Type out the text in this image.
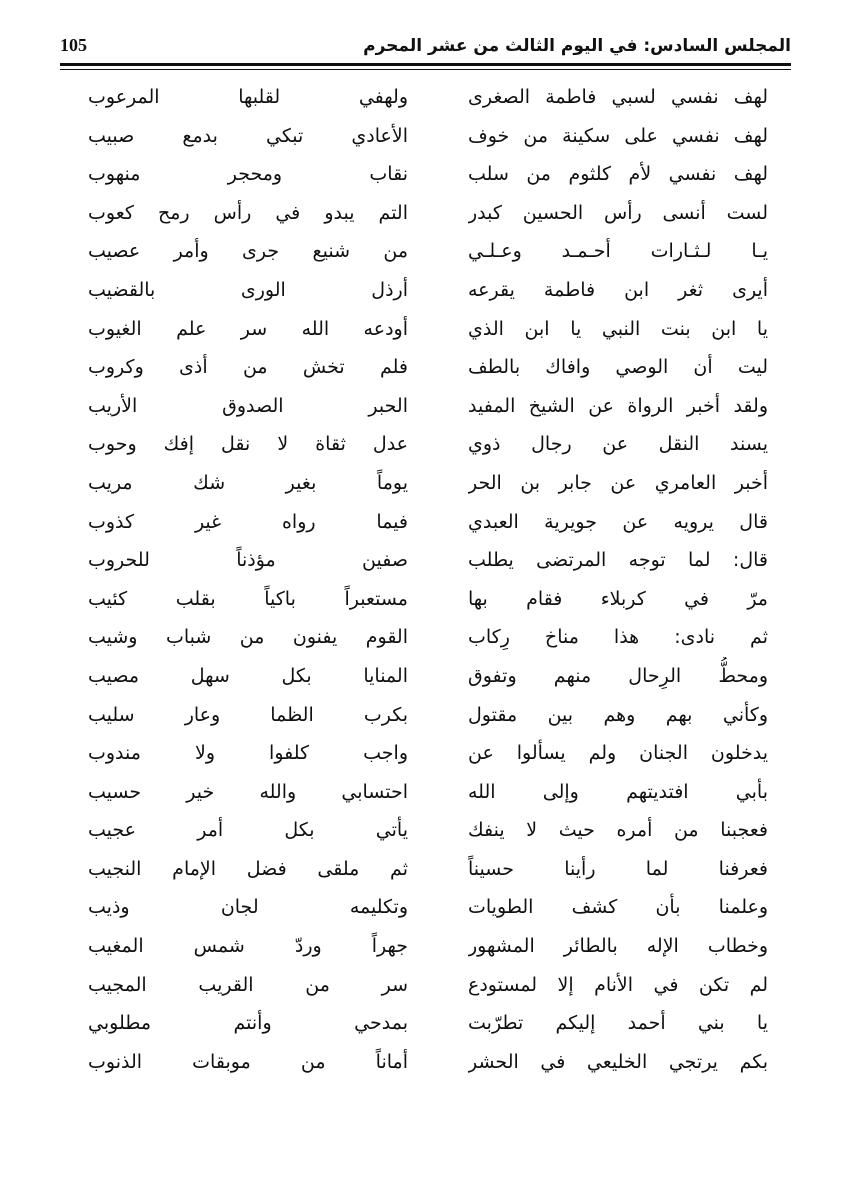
المجلس السادس: في اليوم الثالث من عشر المحرم
105
لهف نفسي لسبي فاطمة الصغرى
لهف نفسي على سكينة من خوف
لهف نفسي لأم كلثوم من سلب
لست أنسى رأس الحسين كبدر
يـا لـثـارات أحـمـد وعـلـي
أيرى ثغر ابن فاطمة يقرعه
يا ابن بنت النبي يا ابن الذي
ليت أن الوصي وافاك بالطف
ولقد أخبر الرواة عن الشيخ المفيد
يسند النقل عن رجال ذوي
أخبر العامري عن جابر بن الحر
قال يرويه عن جويرية العبدي
قال: لما توجه المرتضى يطلب
مرّ في كربلاء فقام بها
ثم نادى: هذا مناخ رِكاب
ومحطُّ الرِحال منهم وتفوق
وكأني بهم وهم بين مقتول
يدخلون الجنان ولم يسألوا عن
بأبي افتديتهم وإلى الله
فعجبنا من أمره حيث لا ينفك
فعرفنا لما رأينا حسيناً
وعلمنا بأن كشف الطويات
وخطاب الإله بالطائر المشهور
لم تكن في الأنام إلا لمستودع
يا بني أحمد إليكم تطرّبت
بكم يرتجي الخليعي في الحشر
ولهفي لقلبها المرعوب
الأعادي تبكي بدمع صبيب
نقاب ومحجر منهوب
التم يبدو في رأس رمح كعوب
من شنيع جرى وأمر عصيب
أرذل الورى بالقضيب
أودعه الله سر علم الغيوب
فلم تخش من أذى وكروب
الحبر الصدوق الأريب
عدل ثقاة لا نقل إفك وحوب
يوماً بغير شك مريب
فيما رواه غير كذوب
صفين مؤذناً للحروب
مستعبراً باكياً بقلب كئيب
القوم يفنون من شباب وشيب
المنايا بكل سهل مصيب
بكرب الظما وعار سليب
واجب كلفوا ولا مندوب
احتسابي والله خير حسيب
يأتي بكل أمر عجيب
ثم ملقى فضل الإمام النجيب
وتكليمه لجان وذيب
جهراً وردّ شمس المغيب
سر من القريب المجيب
بمدحي وأنتم مطلوبي
أماناً من موبقات الذنوب
